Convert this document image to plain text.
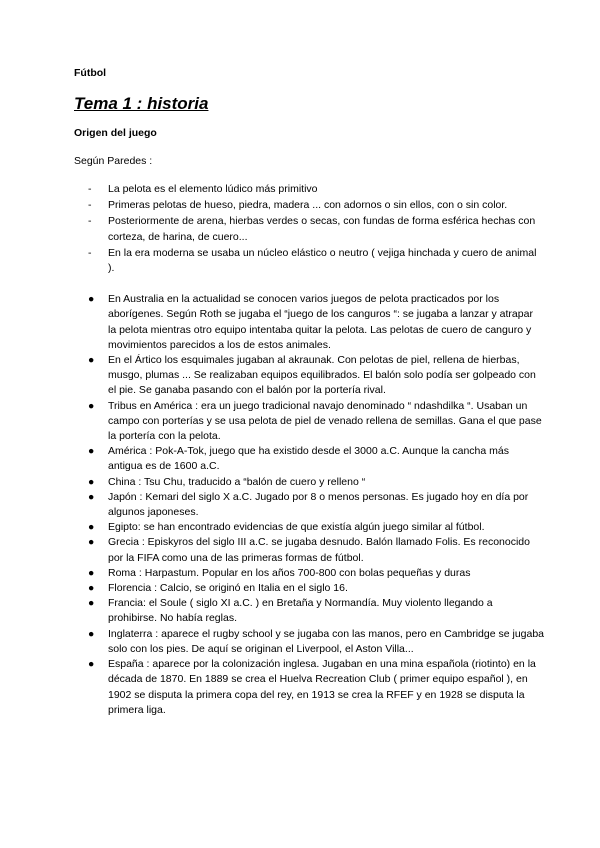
Fútbol

Tema 1 : historia
Origen del juego

Según Paredes :

-	La pelota es el elemento lúdico más primitivo
-	Primeras pelotas de hueso, piedra, madera ... con adornos o sin ellos, con o sin color.
-	Posteriormente de arena, hierbas verdes o secas, con fundas de forma esférica hechas con corteza, de harina, de cuero...
-	En la era moderna se usaba un núcleo elástico o neutro ( vejiga hinchada y cuero de animal ).
●	En Australia en la actualidad se conocen varios juegos de pelota practicados por los aborígenes. Según Roth se jugaba el “juego de los canguros “: se jugaba a lanzar y atrapar la pelota mientras otro equipo intentaba quitar la pelota. Las pelotas de cuero de canguro y movimientos parecidos a los de estos animales.
●	En el Ártico los esquimales jugaban al akraunak. Con pelotas de piel, rellena de hierbas, musgo, plumas ... Se realizaban equipos equilibrados. El balón solo podía ser golpeado con el pie. Se ganaba pasando con el balón por la portería rival.
●	Tribus en América : era un juego tradicional navajo denominado “ ndashdilka “. Usaban un campo con porterías y se usa pelota de piel de venado rellena de semillas. Gana el que pase la portería con la pelota.
●	América : Pok-A-Tok, juego que ha existido desde el 3000 a.C. Aunque la cancha más antigua es de 1600 a.C.
●	China : Tsu Chu, traducido a “balón de cuero y relleno “
●	Japón : Kemari del siglo X a.C. Jugado por 8 o menos personas. Es jugado hoy en día por algunos japoneses.
●	Egipto: se han encontrado evidencias de que existía algún juego similar al fútbol.
●	Grecia : Episkyros del siglo III a.C. se jugaba desnudo. Balón llamado Folis. Es reconocido por la FIFA como una de las primeras formas de fútbol.
●	Roma : Harpastum. Popular en los años 700-800 con bolas pequeñas y duras
●	Florencia : Calcio, se originó en Italia en el siglo 16.
●	Francia: el Soule ( siglo XI a.C. ) en Bretaña y Normandía. Muy violento llegando a prohibirse. No había reglas.
●	Inglaterra : aparece el rugby school y se jugaba con las manos, pero en Cambridge se jugaba solo con los pies. De aquí se originan el Liverpool, el Aston Villa...
●	España : aparece por la colonización inglesa. Jugaban en una mina española (riotinto) en la década de 1870. En 1889 se crea el Huelva Recreation Club ( primer equipo español ), en 1902 se disputa la primera copa del rey, en 1913 se crea la RFEF y en 1928 se disputa la primera liga.
